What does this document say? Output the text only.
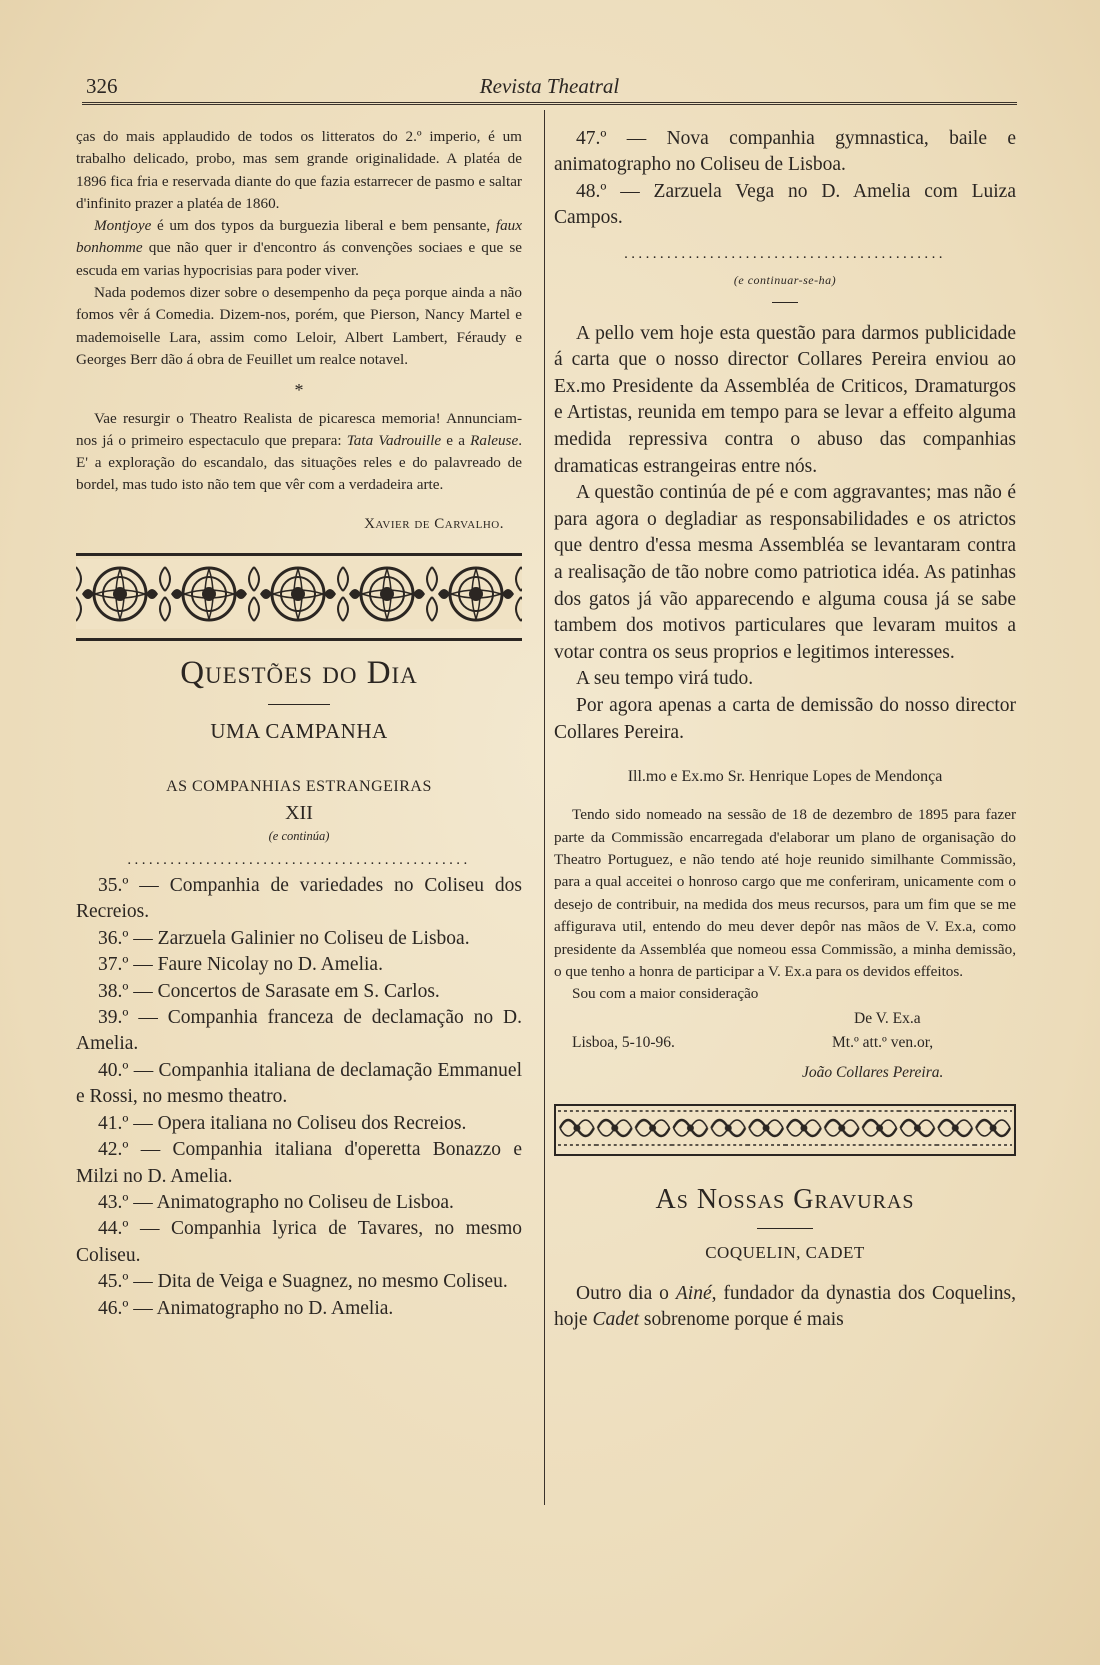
326	Revista Theatral

ças do mais applaudido de todos os litteratos do 2.º imperio, é um trabalho delicado, probo, mas sem grande originalidade. A platéa de 1896 fica fria e reservada diante do que fazia estarrecer de pasmo e saltar d'infinito prazer a platéa de 1860.

Montjoye é um dos typos da burguezia liberal e bem pensante, faux bonhomme que não quer ir d'encontro ás convenções sociaes e que se escuda em varias hypocrisias para poder viver.

Nada podemos dizer sobre o desempenho da peça porque ainda a não fomos vêr á Comedia. Dizem-nos, porém, que Pierson, Nancy Martel e mademoiselle Lara, assim como Leloir, Albert Lambert, Féraudy e Georges Berr dão á obra de Feuillet um realce notavel.

*

Vae resurgir o Theatro Realista de picaresca memoria! Annunciam-nos já o primeiro espectaculo que prepara: Tata Vadrouille e a Raleuse. E' a exploração do escandalo, das situações reles e do palavreado de bordel, mas tudo isto não tem que vêr com a verdadeira arte.

Xavier de Carvalho.
Questões do Dia
UMA CAMPANHA
AS COMPANHIAS ESTRANGEIRAS
XII
(e continúa)
................................................

35.º — Companhia de variedades no Coliseu dos Recreios.

36.º — Zarzuela Galinier no Coliseu de Lisboa.

37.º — Faure Nicolay no D. Amelia.

38.º — Concertos de Sarasate em S. Carlos.

39.º — Companhia franceza de declamação no D. Amelia.

40.º — Companhia italiana de declamação Emmanuel e Rossi, no mesmo theatro.

41.º — Opera italiana no Coliseu dos Recreios.

42.º — Companhia italiana d'operetta Bonazzo e Milzi no D. Amelia.

43.º — Animatographo no Coliseu de Lisboa.

44.º — Companhia lyrica de Tavares, no mesmo Coliseu.

45.º — Dita de Veiga e Suagnez, no mesmo Coliseu.

46.º — Animatographo no D. Amelia.

47.º — Nova companhia gymnastica, baile e animatographo no Coliseu de Lisboa.

48.º — Zarzuela Vega no D. Amelia com Luiza Campos.

.............................................
(e continuar-se-ha)

A pello vem hoje esta questão para darmos publicidade á carta que o nosso director Collares Pereira enviou ao Ex.mo Presidente da Assembléa de Criticos, Dramaturgos e Artistas, reunida em tempo para se levar a effeito alguma medida repressiva contra o abuso das companhias dramaticas estrangeiras entre nós.

A questão continúa de pé e com aggravantes; mas não é para agora o degladiar as responsabilidades e os atrictos que dentro d'essa mesma Assembléa se levantaram contra a realisação de tão nobre como patriotica idéa. As patinhas dos gatos já vão apparecendo e alguma cousa já se sabe tambem dos motivos particulares que levaram muitos a votar contra os seus proprios e legitimos interesses.

A seu tempo virá tudo.

Por agora apenas a carta de demissão do nosso director Collares Pereira.

Ill.mo e Ex.mo Sr. Henrique Lopes de Mendonça

Tendo sido nomeado na sessão de 18 de dezembro de 1895 para fazer parte da Commissão encarregada d'elaborar um plano de organisação do Theatro Portuguez, e não tendo até hoje reunido similhante Commissão, para a qual acceitei o honroso cargo que me conferiram, unicamente com o desejo de contribuir, na medida dos meus recursos, para um fim que se me affigurava util, entendo do meu dever depôr nas mãos de V. Ex.a, como presidente da Assembléa que nomeou essa Commissão, a minha demissão, o que tenho a honra de participar a V. Ex.a para os devidos effeitos.

Sou com a maior consideração

De V. Ex.a
Lisboa, 5-10-96.	Mt.º att.º ven.or,
João Collares Pereira.
As Nossas Gravuras
COQUELIN, CADET

Outro dia o Ainé, fundador da dynastia dos Coquelins, hoje Cadet sobrenome porque é mais
